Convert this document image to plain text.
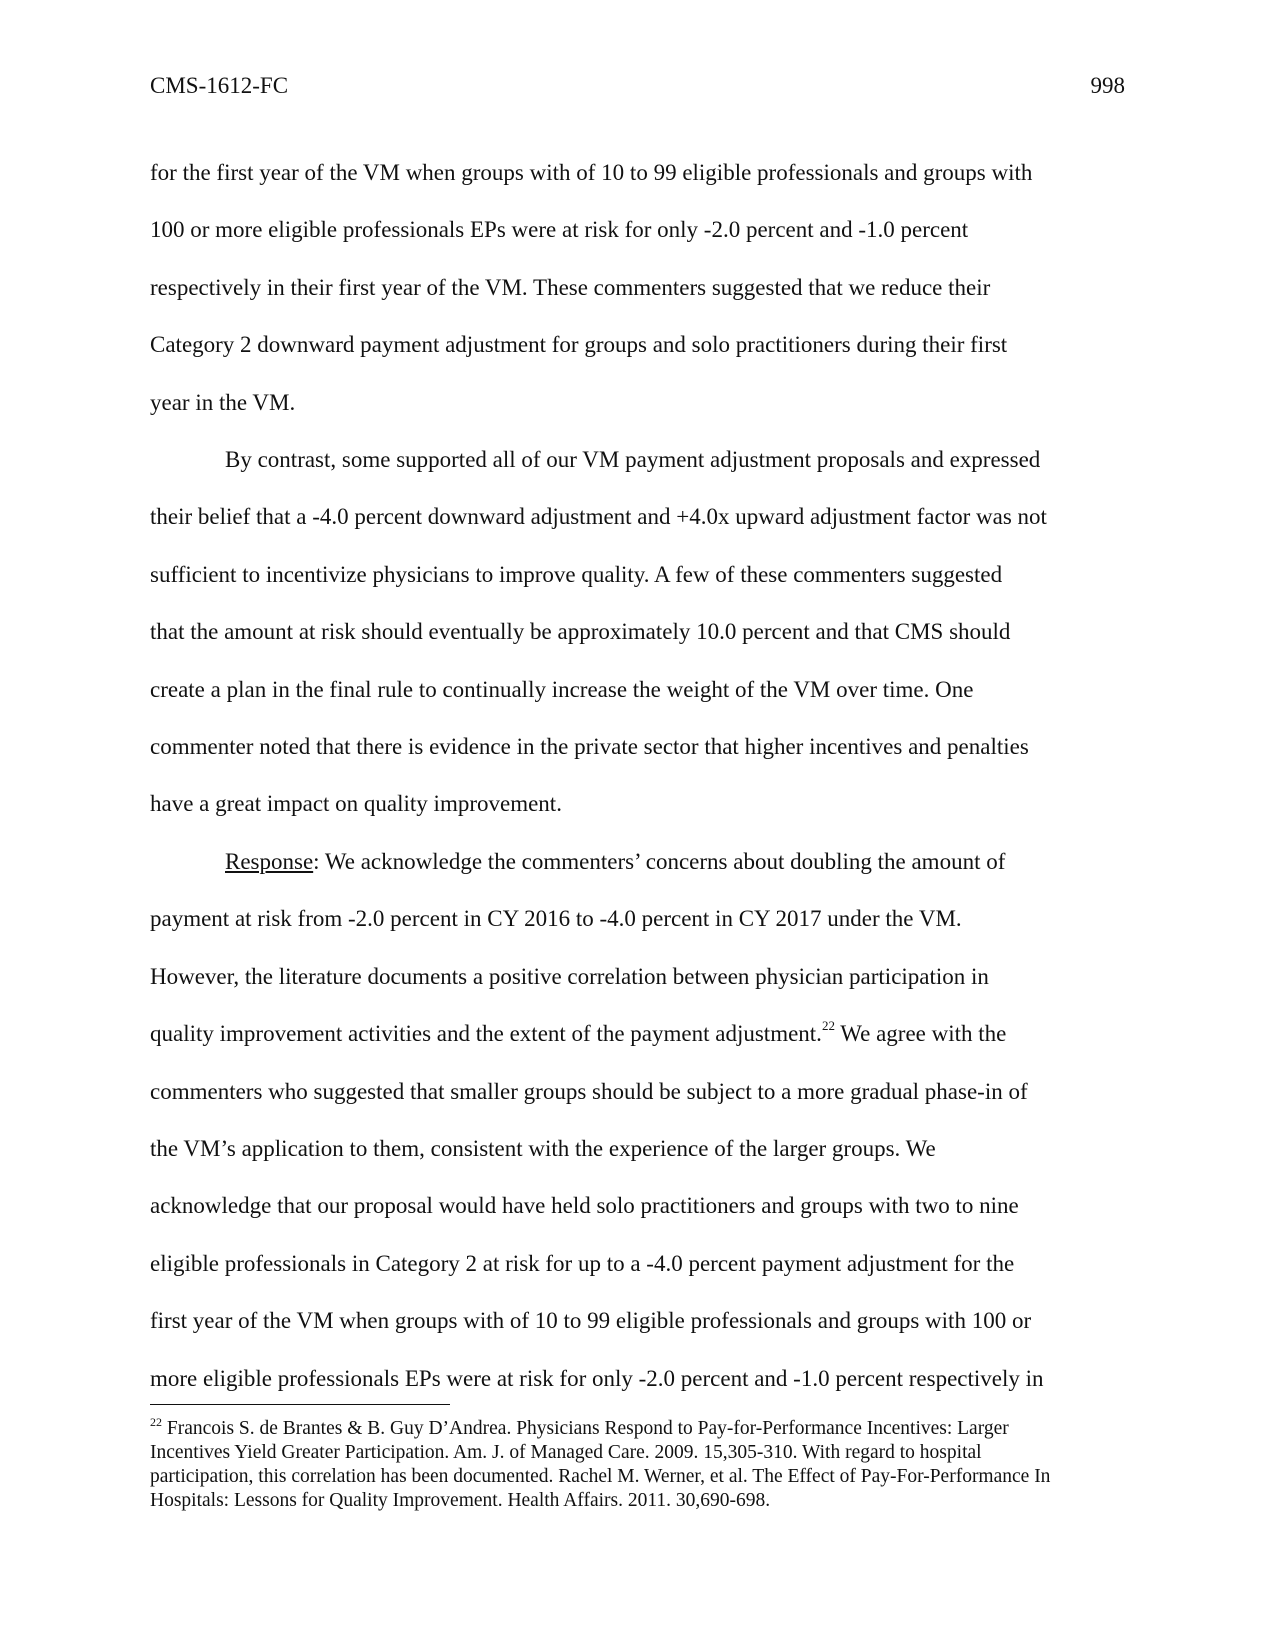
CMS-1612-FC	998

for the first year of the VM when groups with of 10 to 99 eligible professionals and groups with

100 or more eligible professionals EPs were at risk for only -2.0 percent and -1.0 percent

respectively in their first year of the VM. These commenters suggested that we reduce their

Category 2 downward payment adjustment for groups and solo practitioners during their first

year in the VM.

By contrast, some supported all of our VM payment adjustment proposals and expressed

their belief that a -4.0 percent downward adjustment and +4.0x upward adjustment factor was not

sufficient to incentivize physicians to improve quality. A few of these commenters suggested

that the amount at risk should eventually be approximately 10.0 percent and that CMS should

create a plan in the final rule to continually increase the weight of the VM over time. One

commenter noted that there is evidence in the private sector that higher incentives and penalties

have a great impact on quality improvement.

Response: We acknowledge the commenters’ concerns about doubling the amount of

payment at risk from -2.0 percent in CY 2016 to -4.0 percent in CY 2017 under the VM.

However, the literature documents a positive correlation between physician participation in

quality improvement activities and the extent of the payment adjustment.$^{22}$ We agree with the

commenters who suggested that smaller groups should be subject to a more gradual phase-in of

the VM’s application to them, consistent with the experience of the larger groups. We

acknowledge that our proposal would have held solo practitioners and groups with two to nine

eligible professionals in Category 2 at risk for up to a -4.0 percent payment adjustment for the

first year of the VM when groups with of 10 to 99 eligible professionals and groups with 100 or

more eligible professionals EPs were at risk for only -2.0 percent and -1.0 percent respectively in

$^{22}$ Francois S. de Brantes & B. Guy D’Andrea. Physicians Respond to Pay-for-Performance Incentives: Larger

Incentives Yield Greater Participation. Am. J. of Managed Care. 2009. 15,305-310. With regard to hospital

participation, this correlation has been documented. Rachel M. Werner, et al. The Effect of Pay-For-Performance In

Hospitals: Lessons for Quality Improvement. Health Affairs. 2011. 30,690-698.
